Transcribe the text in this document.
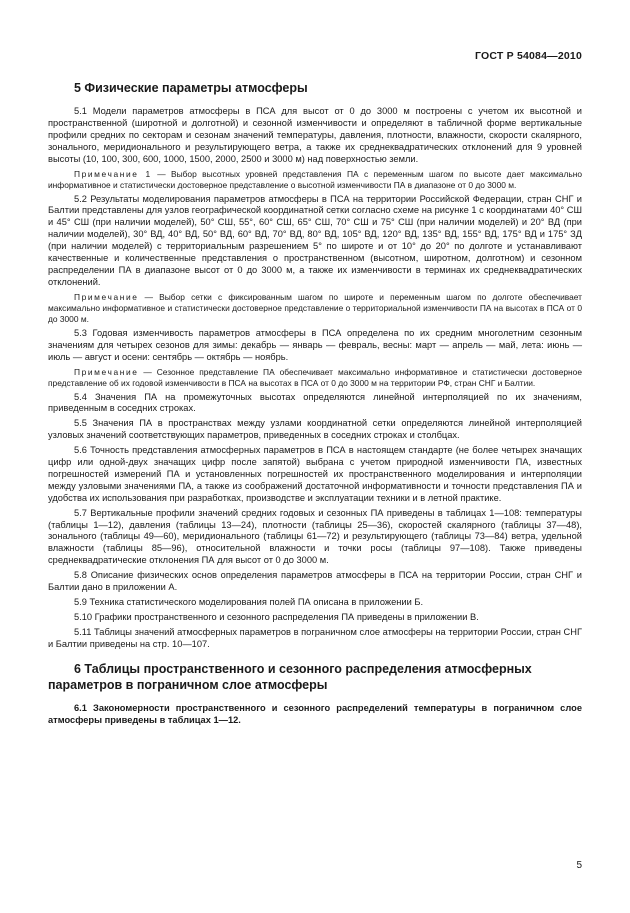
ГОСТ Р 54084—2010
5 Физические параметры атмосферы

5.1 Модели параметров атмосферы в ПСА для высот от 0 до 3000 м построены с учетом их высотной и пространственной (широтной и долготной) и сезонной изменчивости и определяют в табличной форме вертикальные профили средних по секторам и сезонам значений температуры, давления, плотности, влажности, скорости скалярного, зонального, меридионального и результирующего ветра, а также их среднеквадратических отклонений для 9 уровней высоты (10, 100, 300, 600, 1000, 1500, 2000, 2500 и 3000 м) над поверхностью земли.

Примечание 1 — Выбор высотных уровней представления ПА с переменным шагом по высоте дает максимально информативное и статистически достоверное представление о высотной изменчивости ПА в диапазоне от 0 до 3000 м.

5.2 Результаты моделирования параметров атмосферы в ПСА на территории Российской Федерации, стран СНГ и Балтии представлены для узлов географической координатной сетки согласно схеме на рисунке 1 с координатами 40° СШ и 45° СШ (при наличии моделей), 50° СШ, 55°, 60° СШ, 65° СШ, 70° СШ и 75° СШ (при наличии моделей) и 20° ВД (при наличии моделей), 30° ВД, 40° ВД, 50° ВД, 60° ВД, 70° ВД, 80° ВД, 105° ВД, 120° ВД, 135° ВД, 155° ВД, 175° ВД и 175° ЗД (при наличии моделей) с территориальным разрешением 5° по широте и от 10° до 20° по долготе и устанавливают качественные и количественные представления о пространственном (высотном, широтном, долготном) и сезонном распределении ПА в диапазоне высот от 0 до 3000 м, а также их изменчивости в терминах их среднеквадратических отклонений.

Примечание — Выбор сетки с фиксированным шагом по широте и переменным шагом по долготе обеспечивает максимально информативное и статистически достоверное представление о территориальной изменчивости ПА на высотах в ПСА от 0 до 3000 м.

5.3 Годовая изменчивость параметров атмосферы в ПСА определена по их средним многолетним сезонным значениям для четырех сезонов для зимы: декабрь — январь — февраль, весны: март — апрель — май, лета: июнь — июль — август и осени: сентябрь — октябрь — ноябрь.

Примечание — Сезонное представление ПА обеспечивает максимально информативное и статистически достоверное представление об их годовой изменчивости в ПСА на высотах в ПСА от 0 до 3000 м на территории РФ, стран СНГ и Балтии.

5.4 Значения ПА на промежуточных высотах определяются линейной интерполяцией по их значениям, приведенным в соседних строках.

5.5 Значения ПА в пространствах между узлами координатной сетки определяются линейной интерполяцией узловых значений соответствующих параметров, приведенных в соседних строках и столбцах.

5.6 Точность представления атмосферных параметров в ПСА в настоящем стандарте (не более четырех значащих цифр или одной-двух значащих цифр после запятой) выбрана с учетом природной изменчивости ПА, известных погрешностей измерений ПА и установленных погрешностей их пространственного моделирования и интерполяции между узловыми значениями ПА, а также из соображений достаточной информативности и точности представления ПА и удобства их использования при разработках, производстве и эксплуатации техники и в летной практике.

5.7 Вертикальные профили значений средних годовых и сезонных ПА приведены в таблицах 1—108: температуры (таблицы 1—12), давления (таблицы 13—24), плотности (таблицы 25—36), скоростей скалярного (таблицы 37—48), зонального (таблицы 49—60), меридионального (таблицы 61—72) и результирующего (таблицы 73—84) ветра, удельной влажности (таблицы 85—96), относительной влажности и точки росы (таблицы 97—108). Также приведены среднеквадратические отклонения ПА для высот от 0 до 3000 м.

5.8 Описание физических основ определения параметров атмосферы в ПСА на территории России, стран СНГ и Балтии дано в приложении А.

5.9 Техника статистического моделирования полей ПА описана в приложении Б.

5.10 Графики пространственного и сезонного распределения ПА приведены в приложении В.

5.11 Таблицы значений атмосферных параметров в пограничном слое атмосферы на территории России, стран СНГ и Балтии приведены на стр. 10—107.

6 Таблицы пространственного и сезонного распределения атмосферных параметров в пограничном слое атмосферы

6.1 Закономерности пространственного и сезонного распределений температуры в пограничном слое атмосферы приведены в таблицах 1—12.

5
